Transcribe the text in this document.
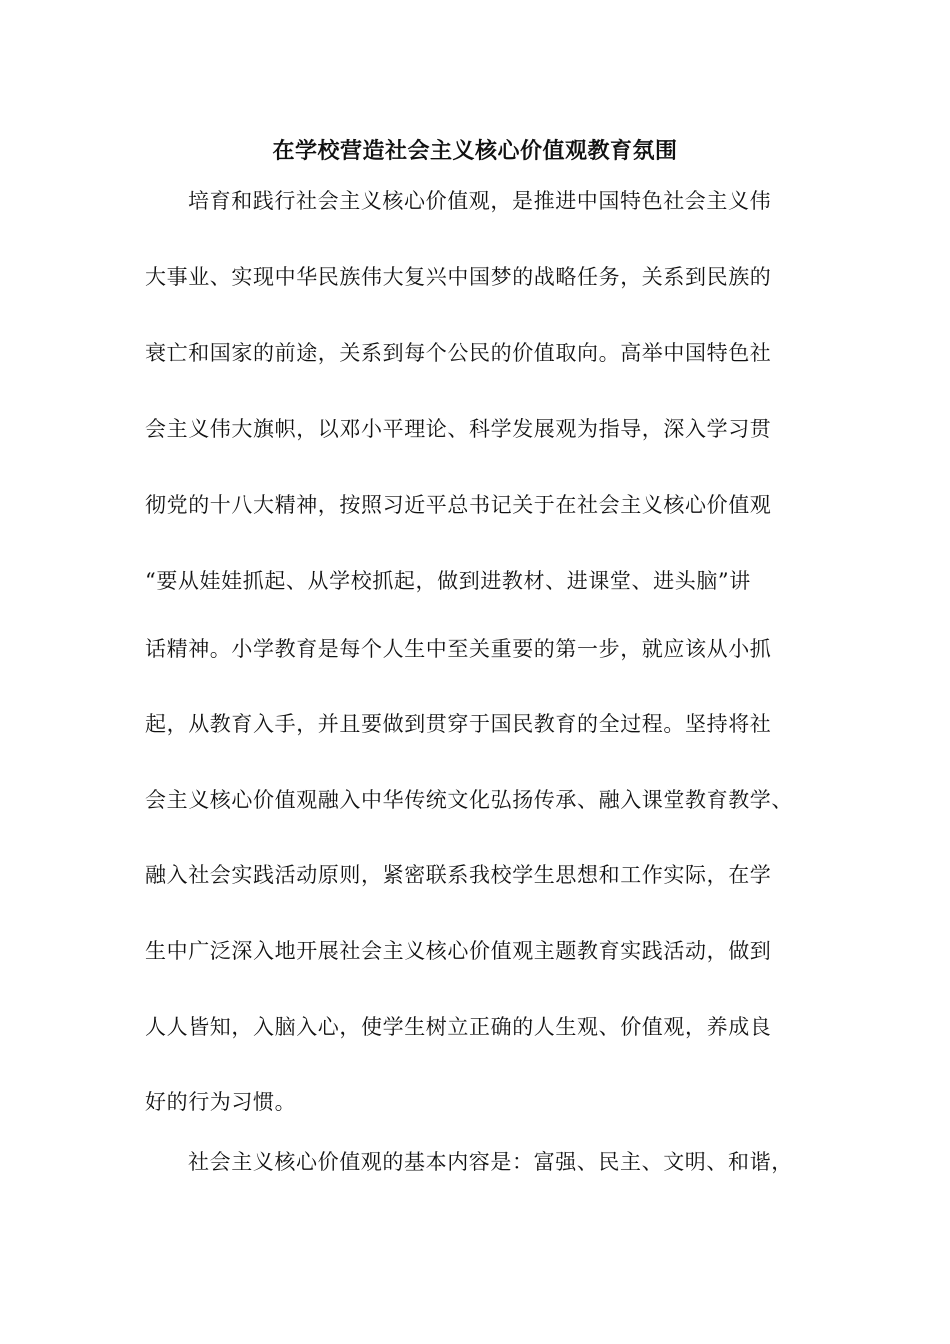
在学校营造社会主义核心价值观教育氛围
培育和践行社会主义核心价值观，是推进中国特色社会主义伟
大事业、实现中华民族伟大复兴中国梦的战略任务，关系到民族的
衰亡和国家的前途，关系到每个公民的价值取向。高举中国特色社
会主义伟大旗帜，以邓小平理论、科学发展观为指导，深入学习贯
彻党的十八大精神，按照习近平总书记关于在社会主义核心价值观
“要从娃娃抓起、从学校抓起，做到进教材、进课堂、进头脑”讲
话精神。小学教育是每个人生中至关重要的第一步，就应该从小抓
起，从教育入手，并且要做到贯穿于国民教育的全过程。坚持将社
会主义核心价值观融入中华传统文化弘扬传承、融入课堂教育教学、
融入社会实践活动原则，紧密联系我校学生思想和工作实际，在学
生中广泛深入地开展社会主义核心价值观主题教育实践活动，做到
人人皆知，入脑入心，使学生树立正确的人生观、价值观，养成良
好的行为习惯。
社会主义核心价值观的基本内容是：富强、民主、文明、和谐，
